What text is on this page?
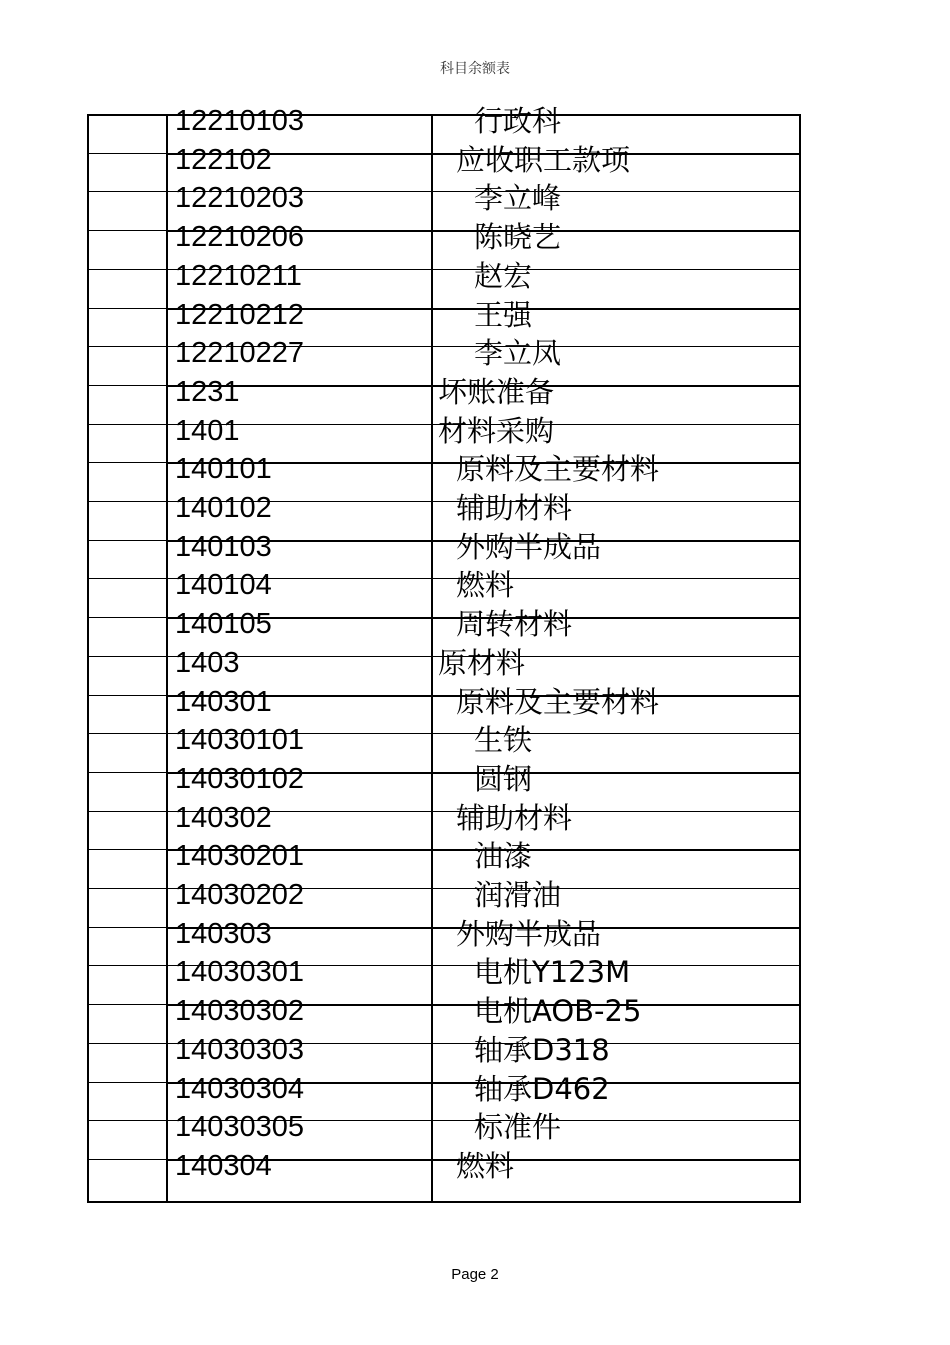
科目余额表
12210103	行政科
122102	应收职工款项
12210203	李立峰
12210206	陈晓艺
12210211	赵宏
12210212	王强
12210227	李立凤
1231	坏账准备
1401	材料采购
140101	原料及主要材料
140102	辅助材料
140103	外购半成品
140104	燃料
140105	周转材料
1403	原材料
140301	原料及主要材料
14030101	生铁
14030102	圆钢
140302	辅助材料
14030201	油漆
14030202	润滑油
140303	外购半成品
14030301	电机Y123M
14030302	电机AOB-25
14030303	轴承D318
14030304	轴承D462
14030305	标准件
140304	燃料
Page 2
